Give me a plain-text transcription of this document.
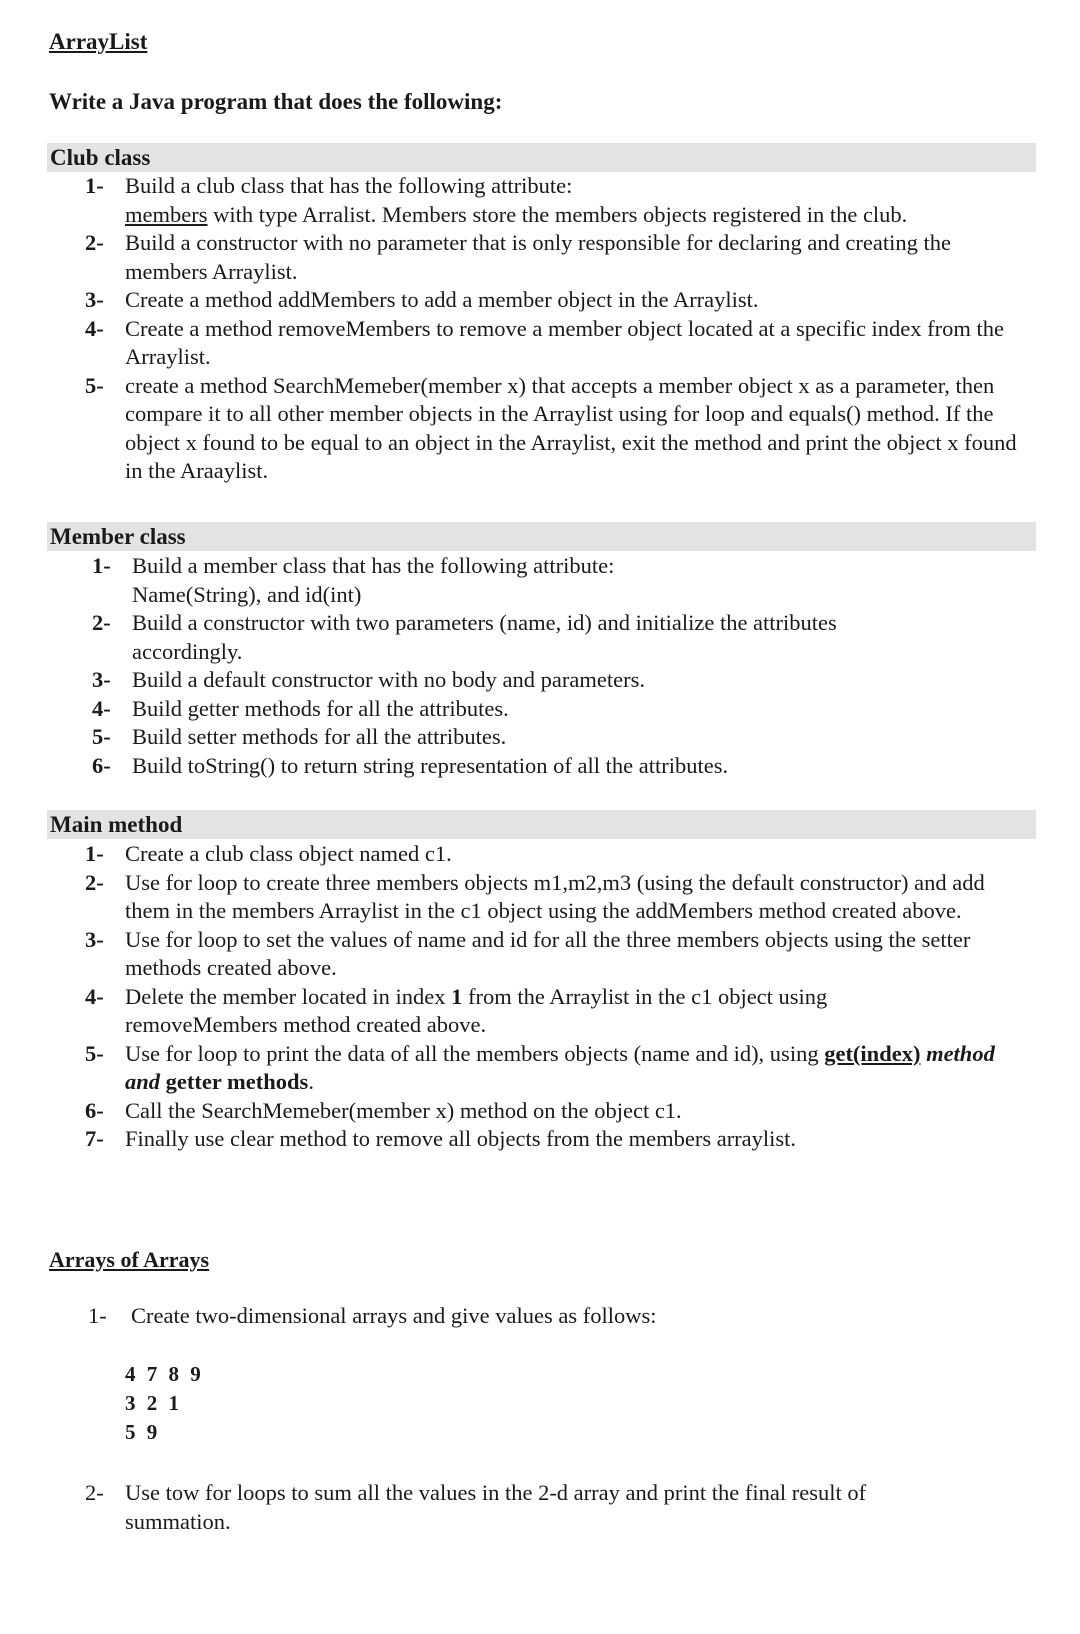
ArrayList
Write a Java program that does the following:
Club class
1- Build a club class that has the following attribute:
members with type Arralist. Members store the members objects registered in the club.
2- Build a constructor with no parameter that is only responsible for declaring and creating the members Arraylist.
3- Create a method addMembers to add a member object in the Arraylist.
4- Create a method removeMembers to remove a member object located at a specific index from the Arraylist.
5- create a method SearchMemeber(member x) that accepts a member object x as a parameter, then compare it to all other member objects in the Arraylist using for loop and equals() method. If the object x found to be equal to an object in the Arraylist, exit the method and print the object x found in the Araaylist.
Member class
1- Build a member class that has the following attribute:
Name(String), and id(int)
2- Build a constructor with two parameters (name, id) and initialize the attributes accordingly.
3- Build a default constructor with no body and parameters.
4- Build getter methods for all the attributes.
5- Build setter methods for all the attributes.
6- Build toString() to return string representation of all the attributes.
Main method
1- Create a club class object named c1.
2- Use for loop to create three members objects m1,m2,m3 (using the default constructor) and add them in the members Arraylist in the c1 object using the addMembers method created above.
3- Use for loop to set the values of name and id for all the three members objects using the setter methods created above.
4- Delete the member located in index 1 from the Arraylist in the c1 object using removeMembers method created above.
5- Use for loop to print the data of all the members objects (name and id), using get(index) method and getter methods.
6- Call the SearchMemeber(member x) method on the object c1.
7- Finally use clear method to remove all objects from the members arraylist.
Arrays of Arrays
1-	Create two-dimensional arrays and give values as follows:
4 7 8 9
3 2 1
5 9
2- Use tow for loops to sum all the values in the 2-d array and print the final result of summation.
